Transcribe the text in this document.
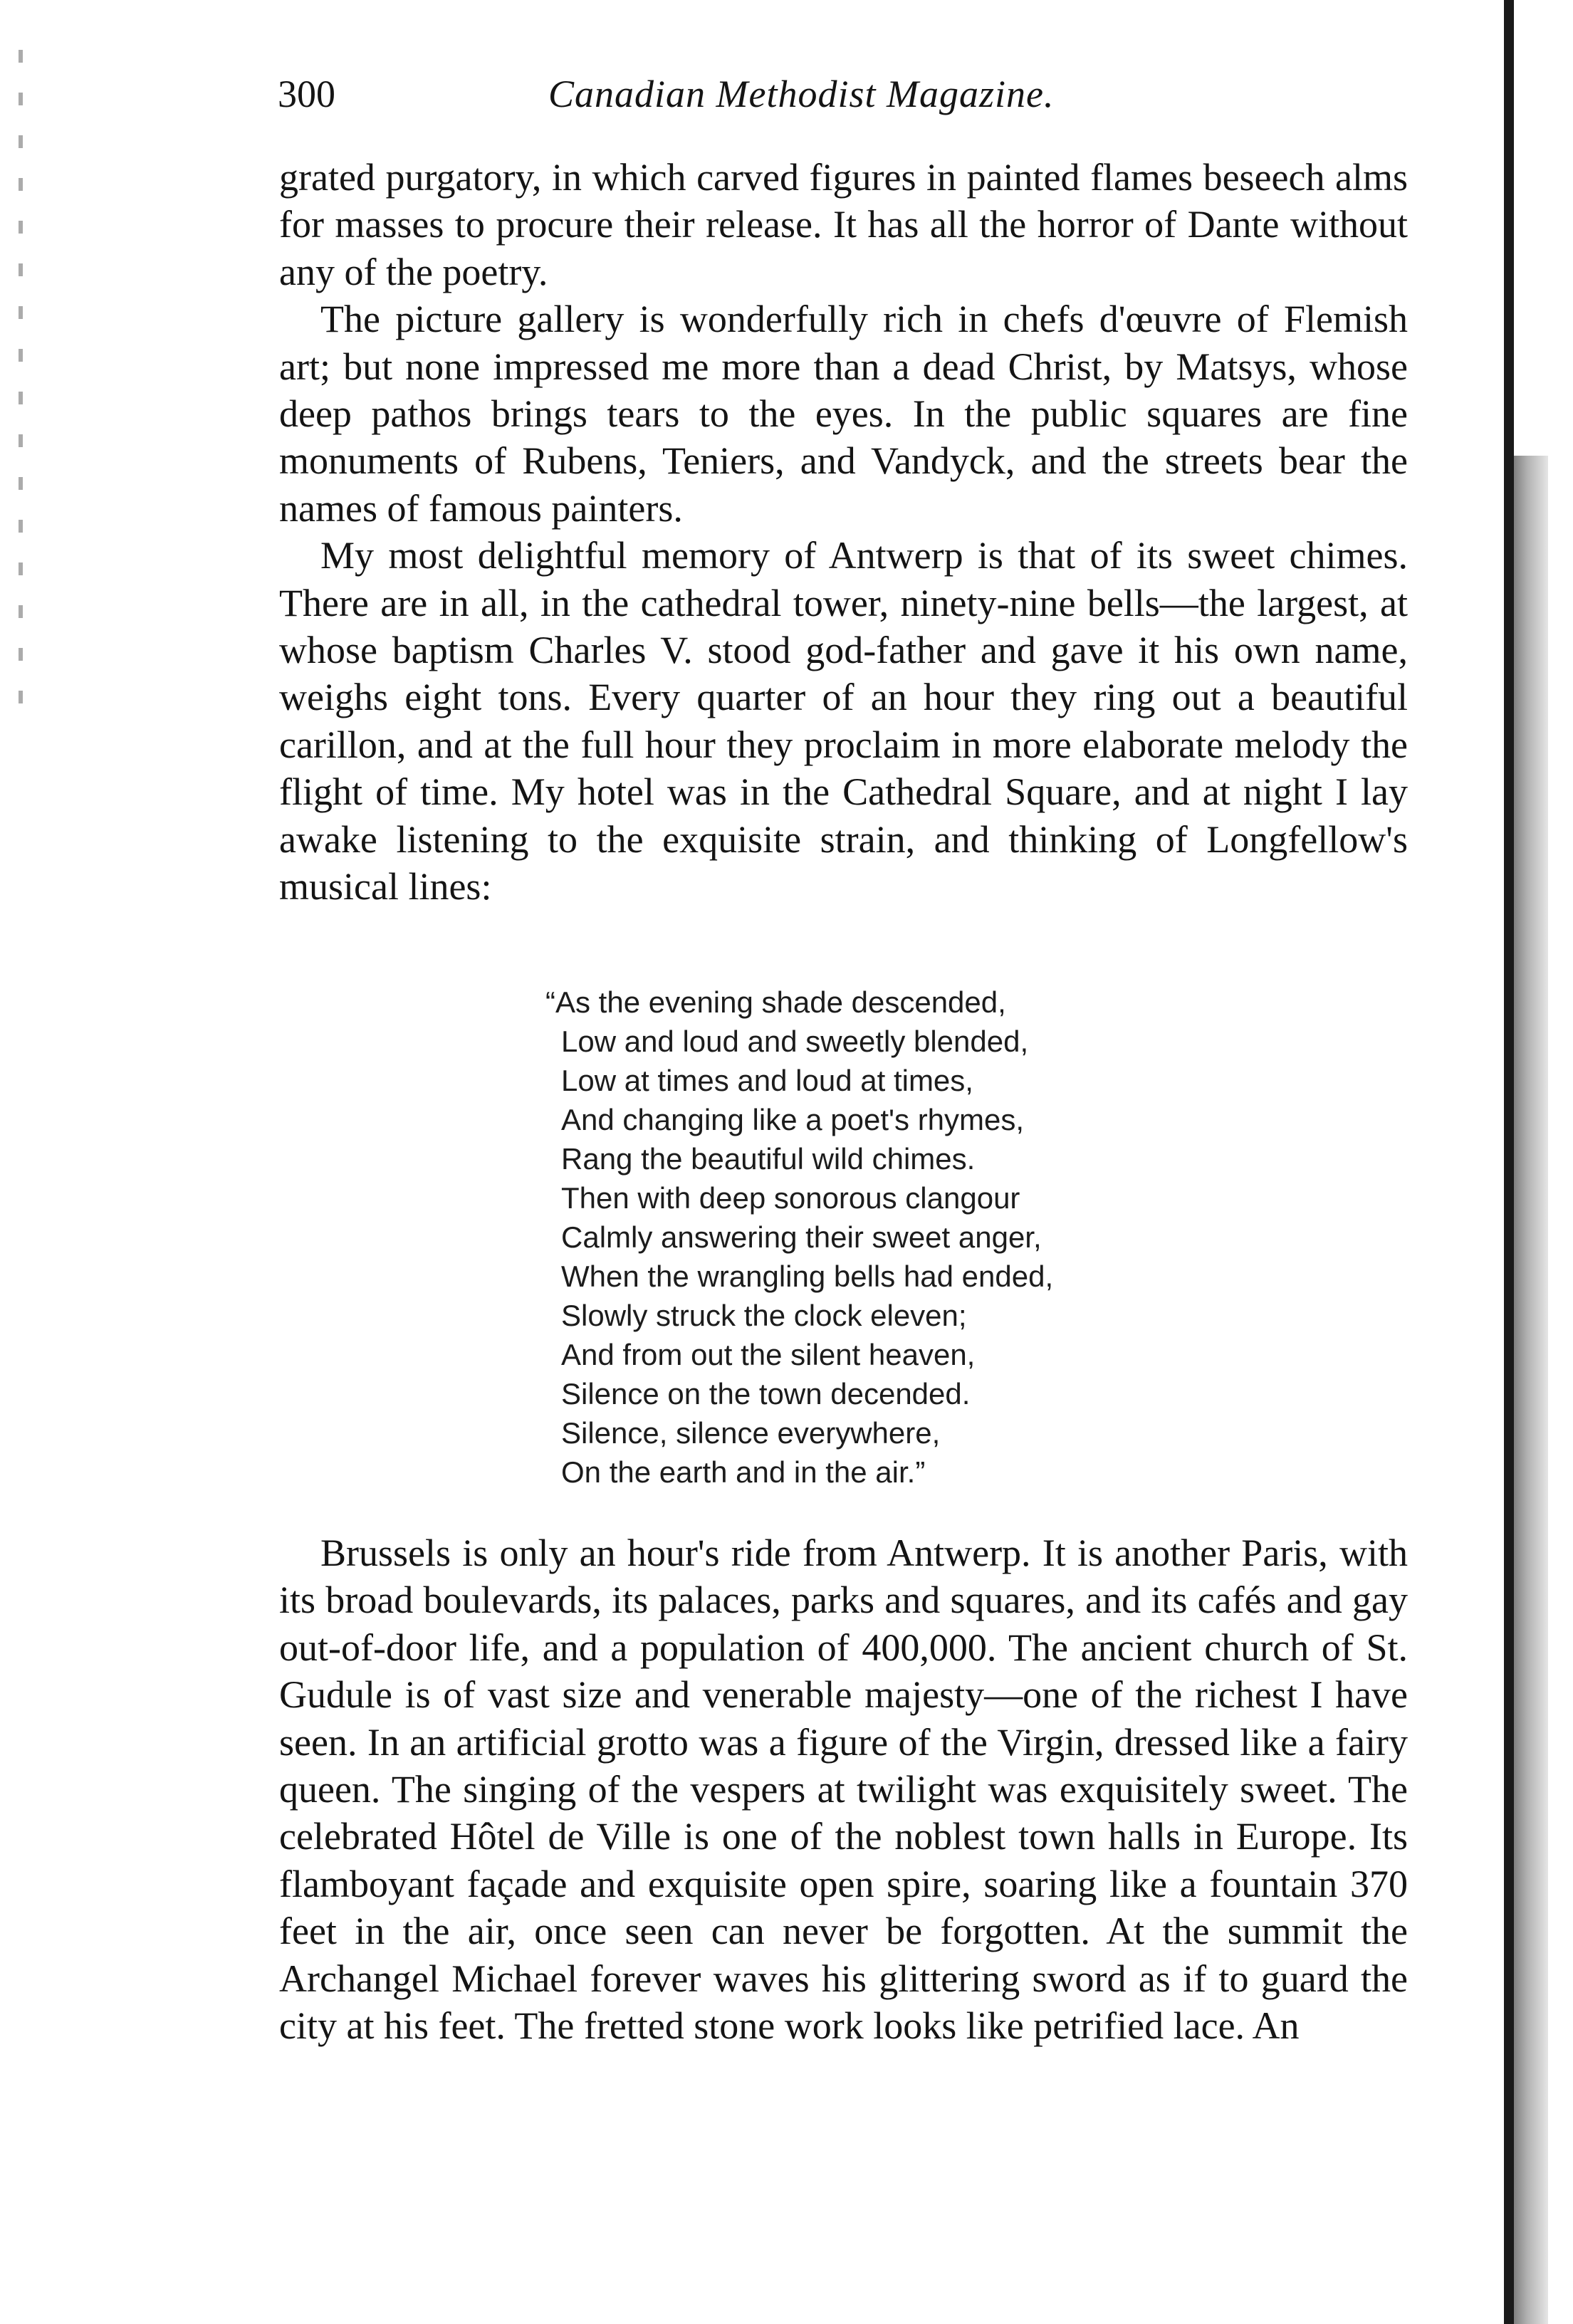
300	Canadian Methodist Magazine.

grated purgatory, in which carved figures in painted flames beseech alms for masses to procure their release. It has all the horror of Dante without any of the poetry.

The picture gallery is wonderfully rich in chefs d'œuvre of Flemish art; but none impressed me more than a dead Christ, by Matsys, whose deep pathos brings tears to the eyes. In the public squares are fine monuments of Rubens, Teniers, and Vandyck, and the streets bear the names of famous painters.

My most delightful memory of Antwerp is that of its sweet chimes. There are in all, in the cathedral tower, ninety-nine bells—the largest, at whose baptism Charles V. stood god-father and gave it his own name, weighs eight tons. Every quarter of an hour they ring out a beautiful carillon, and at the full hour they proclaim in more elaborate melody the flight of time. My hotel was in the Cathedral Square, and at night I lay awake listening to the exquisite strain, and thinking of Longfellow's musical lines:

“As the evening shade descended,
Low and loud and sweetly blended,
Low at times and loud at times,
And changing like a poet's rhymes,
Rang the beautiful wild chimes.
Then with deep sonorous clangour
Calmly answering their sweet anger,
When the wrangling bells had ended,
Slowly struck the clock eleven;
And from out the silent heaven,
Silence on the town decended.
Silence, silence everywhere,
On the earth and in the air.”

Brussels is only an hour's ride from Antwerp. It is another Paris, with its broad boulevards, its palaces, parks and squares, and its cafés and gay out-of-door life, and a population of 400,000. The ancient church of St. Gudule is of vast size and venerable majesty—one of the richest I have seen. In an artificial grotto was a figure of the Virgin, dressed like a fairy queen. The singing of the vespers at twilight was exquisitely sweet. The celebrated Hôtel de Ville is one of the noblest town halls in Europe. Its flamboyant façade and exquisite open spire, soaring like a fountain 370 feet in the air, once seen can never be forgotten. At the summit the Archangel Michael forever waves his glittering sword as if to guard the city at his feet. The fretted stone work looks like petrified lace. An
